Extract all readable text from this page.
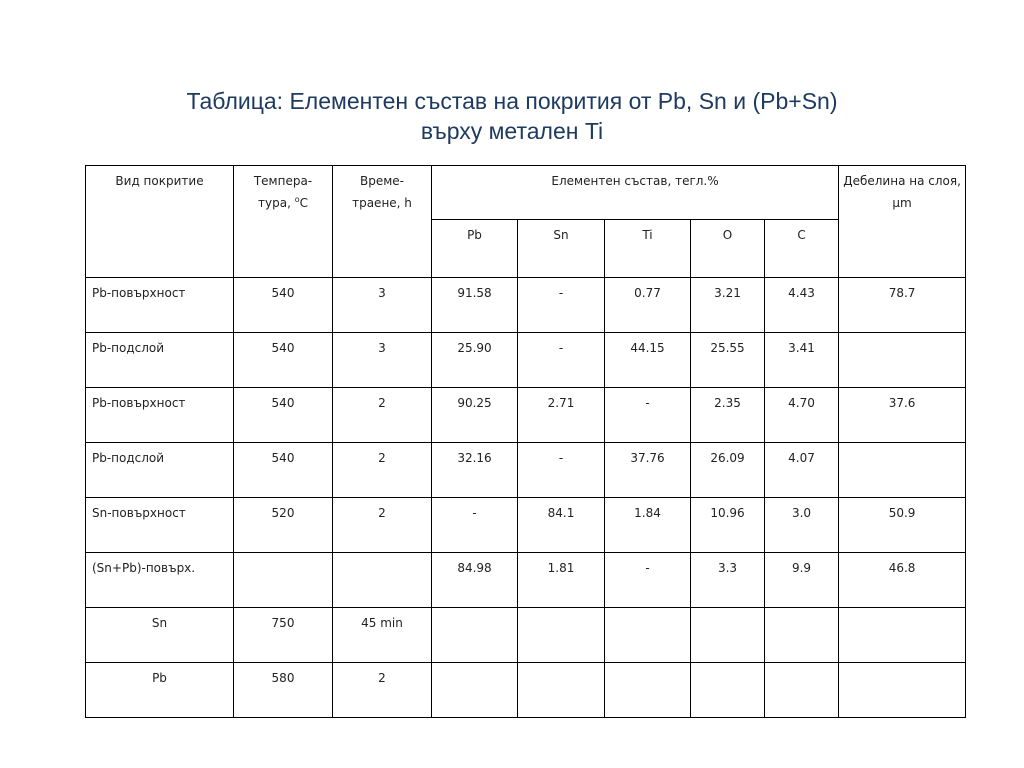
Таблица: Елементен състав на покрития от Pb, Sn и (Pb+Sn)
върху метален Ti
Вид покритие	Темпера-тура, $^о$C	Време-траене, h	Елементен състав, тегл.%					Дебелина на слоя, µm
			Pb	Sn	Ti	O	C	
Pb-повърхност	540	3	91.58	-	0.77	3.21	4.43	78.7
Pb-подслой	540	3	25.90	-	44.15	25.55	3.41	
Pb-повърхност	540	2	90.25	2.71	-	2.35	4.70	37.6
Pb-подслой	540	2	32.16	-	37.76	26.09	4.07	
Sn-повърхност	520	2	-	84.1	1.84	10.96	3.0	50.9
(Sn+Pb)-повърх.			84.98	1.81	-	3.3	9.9	46.8
Sn	750	45 min						
Pb	580	2						
